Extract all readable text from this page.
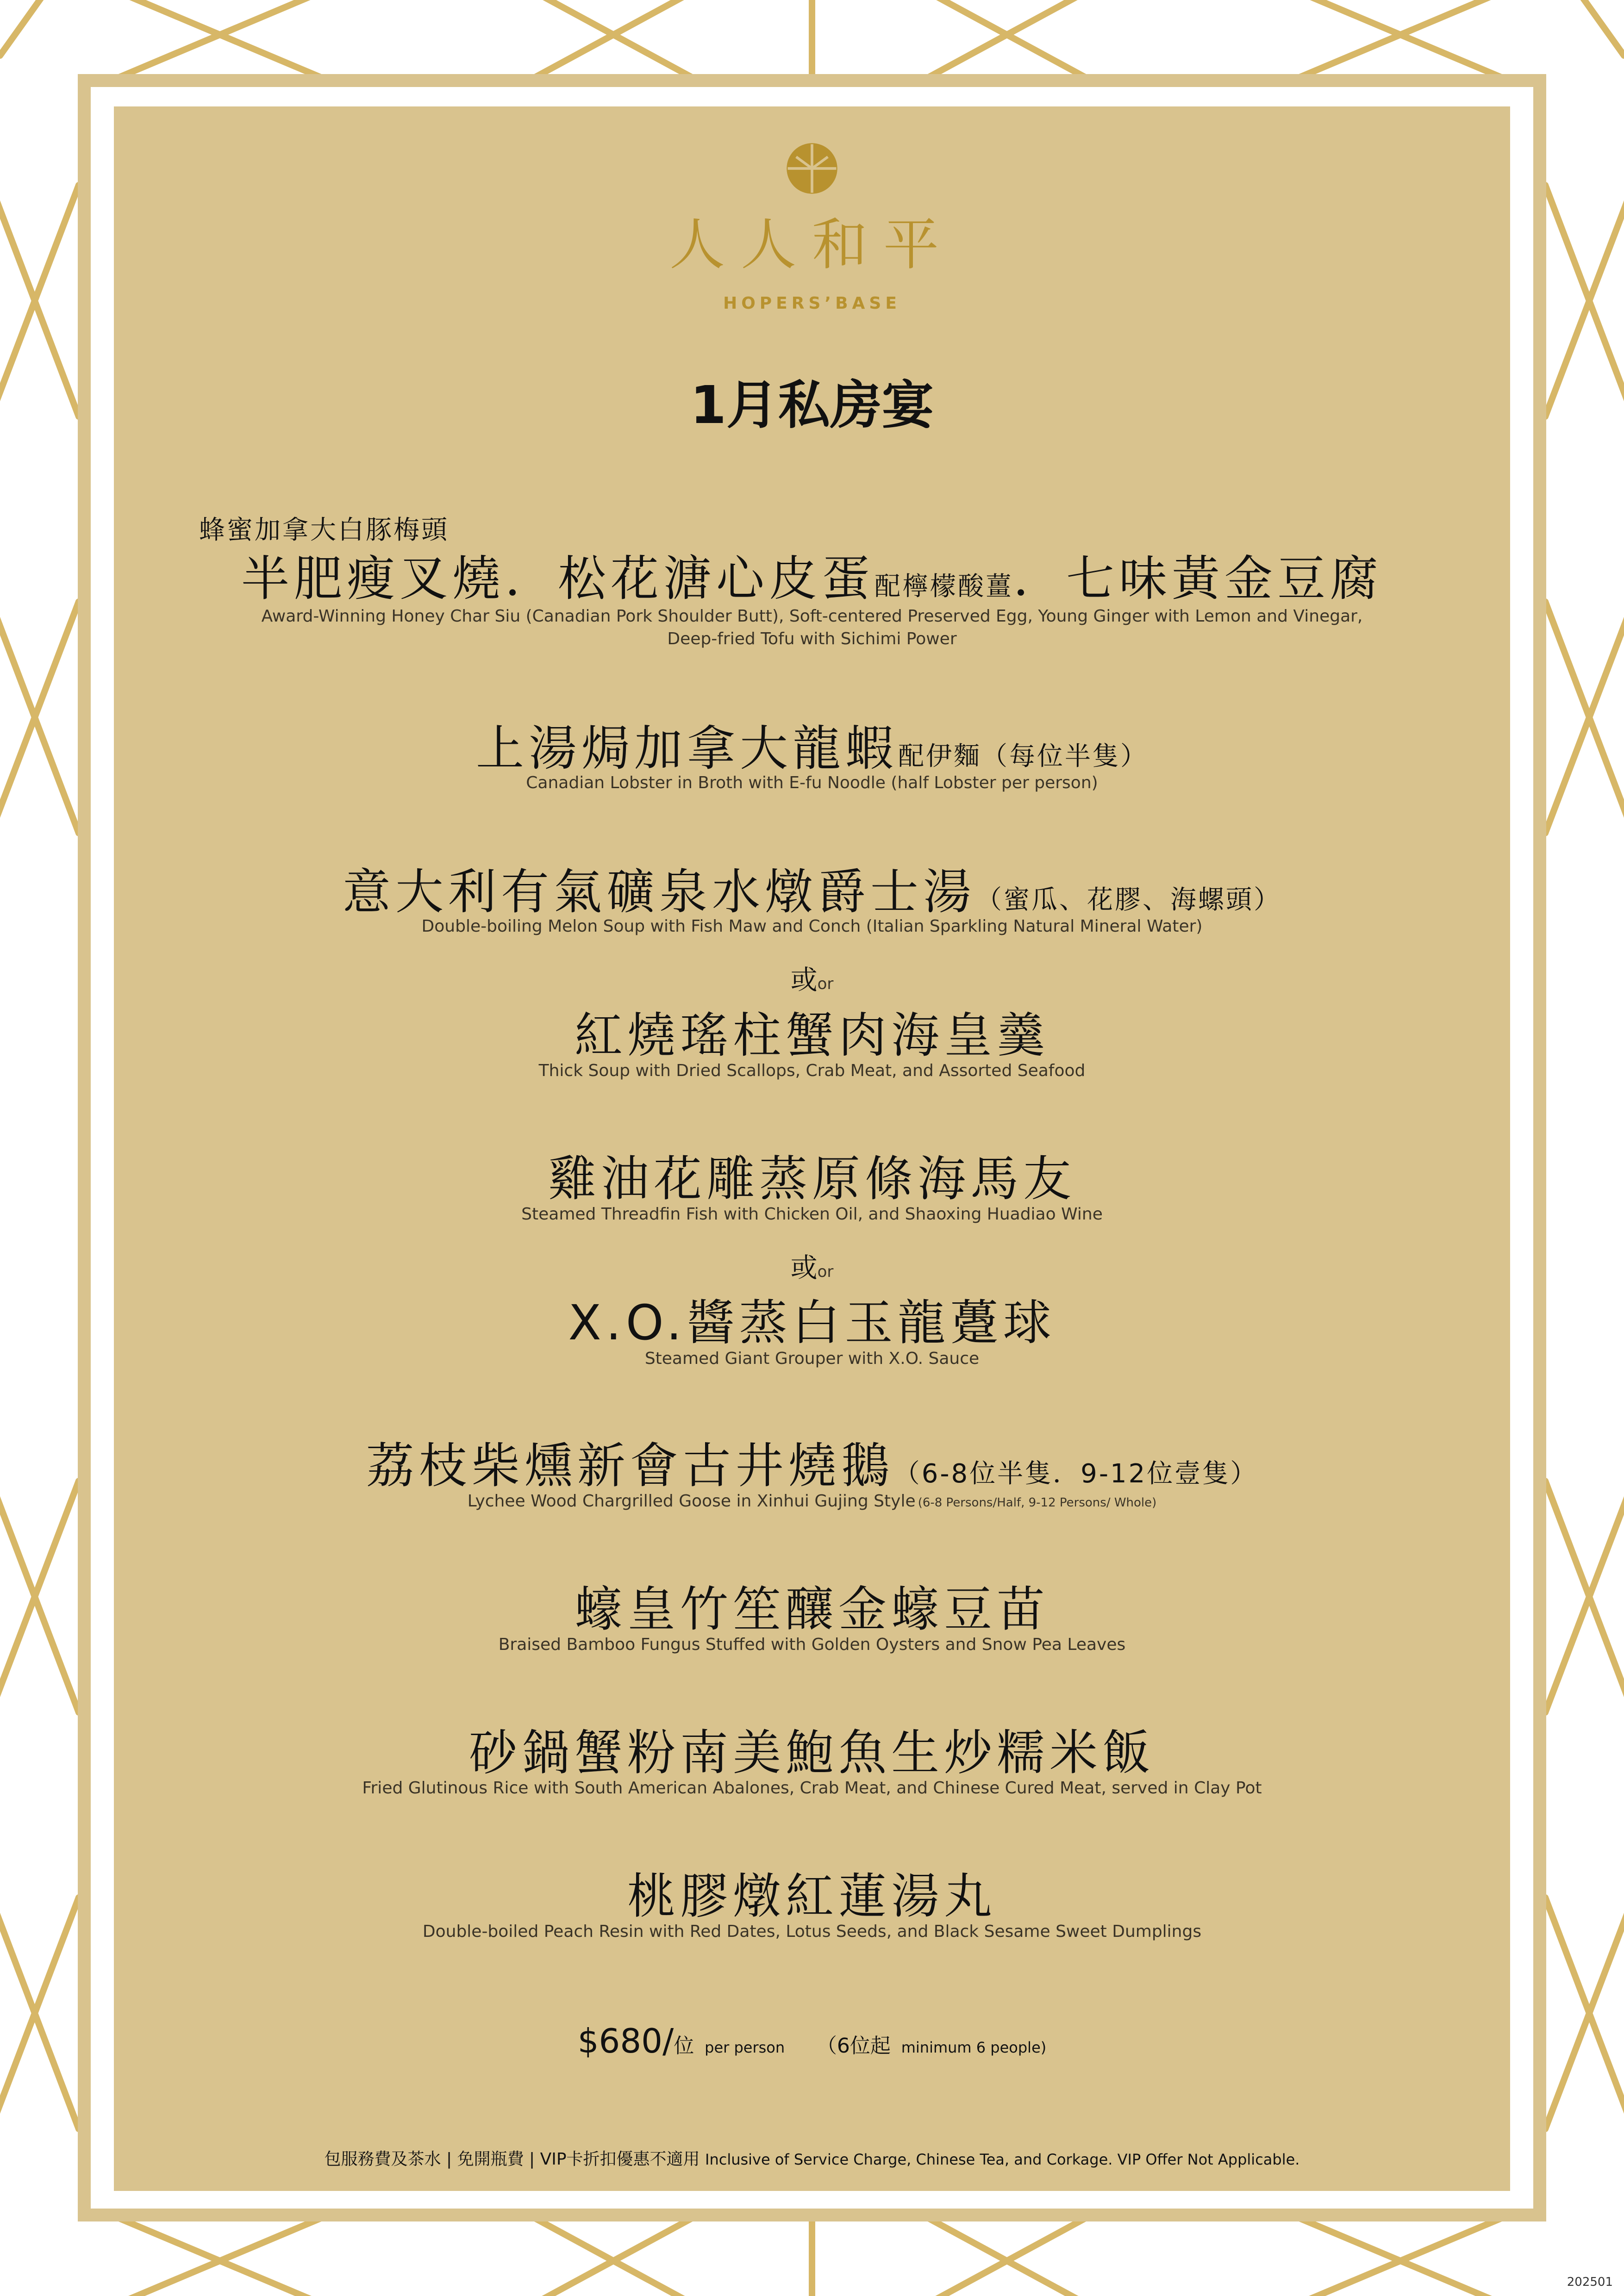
人人和平
HOPERS’BASE
1月私房宴
蜂蜜加拿大白豚梅頭
半肥瘦叉燒．松花溏心皮蛋配檸檬酸薑．七味黃金豆腐
Award-Winning Honey Char Siu (Canadian Pork Shoulder Butt), Soft-centered Preserved Egg, Young Ginger with Lemon and Vinegar,
Deep-fried Tofu with Sichimi Power
上湯焗加拿大龍蝦配伊麵（每位半隻）
Canadian Lobster in Broth with E-fu Noodle (half Lobster per person)
意大利有氣礦泉水燉爵士湯（蜜瓜、花膠、海螺頭）
Double-boiling Melon Soup with Fish Maw and Conch (Italian Sparkling Natural Mineral Water)
或or
紅燒瑤柱蟹肉海皇羹
Thick Soup with Dried Scallops, Crab Meat, and Assorted Seafood
雞油花雕蒸原條海馬友
Steamed Threadfin Fish with Chicken Oil, and Shaoxing Huadiao Wine
或or
X.O.醬蒸白玉龍躉球
Steamed Giant Grouper with X.O. Sauce
荔枝柴燻新會古井燒鵝（6-8位半隻．9-12位壹隻）
Lychee Wood Chargrilled Goose in Xinhui Gujing Style (6-8 Persons/Half, 9-12 Persons/ Whole)
蠔皇竹笙釀金蠔豆苗
Braised Bamboo Fungus Stuffed with Golden Oysters and Snow Pea Leaves
砂鍋蟹粉南美鮑魚生炒糯米飯
Fried Glutinous Rice with South American Abalones, Crab Meat, and Chinese Cured Meat, served in Clay Pot
桃膠燉紅蓮湯丸
Double-boiled Peach Resin with Red Dates, Lotus Seeds, and Black Sesame Sweet Dumplings
$680/位 per person （6位起 minimum 6 people)
包服務費及茶水 | 免開瓶費 | VIP卡折扣優惠不適用 Inclusive of Service Charge, Chinese Tea, and Corkage. VIP Offer Not Applicable.
202501
